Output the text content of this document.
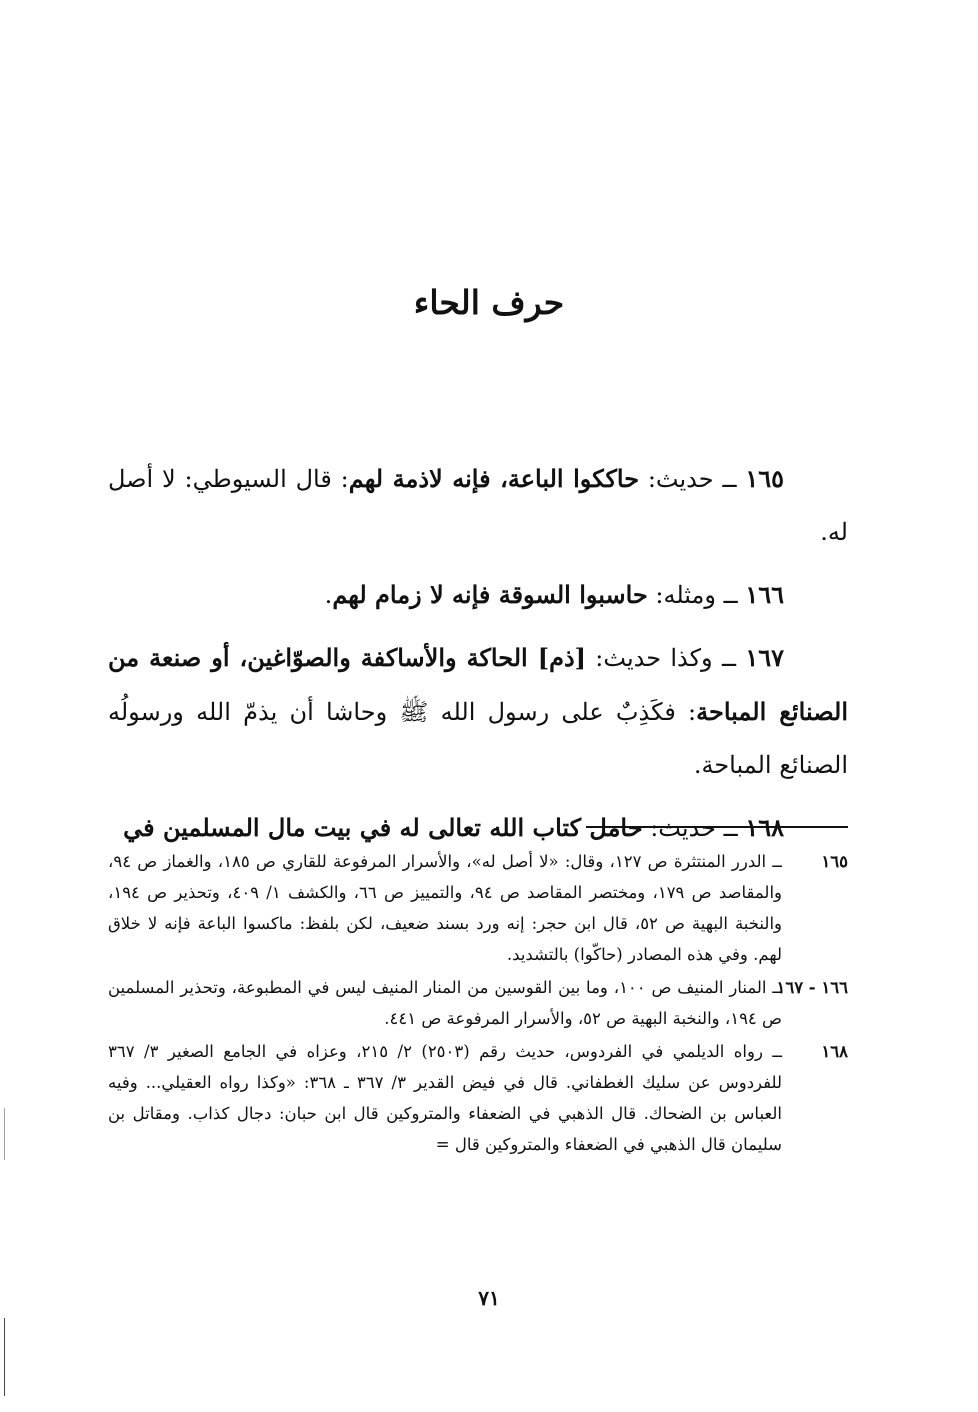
حرف الحاء

١٦٥ ــ حديث: حاككوا الباعة، فإنه لاذمة لهم: قال السيوطي: لا أصل له.

١٦٦ ــ ومثله: حاسبوا السوقة فإنه لا زمام لهم.

١٦٧ ــ وكذا حديث: [ذم] الحاكة والأساكفة والصوّاغين، أو صنعة من الصنائع المباحة: فكَذِبٌ على رسول الله ﷺ وحاشا أن يذمّ الله ورسولُه الصنائع المباحة.

١٦٨ ــ حديث: حامل كتاب الله تعالى له في بيت مال المسلمين في

١٦٥
ــ الدرر المنتثرة ص ١٢٧، وقال: «لا أصل له»، والأسرار المرفوعة للقاري ص ١٨٥، والغماز ص ٩٤، والمقاصد ص ١٧٩، ومختصر المقاصد ص ٩٤، والتمييز ص ٦٦، والكشف ١/ ٤٠٩، وتحذير ص ١٩٤، والنخبة البهية ص ٥٢، قال ابن حجر: إنه ورد بسند ضعيف، لكن بلفظ: ماكسوا الباعة فإنه لا خلاق لهم. وفي هذه المصادر (حاكّوا) بالتشديد.
١٦٦ - ١٦٧
ــ المنار المنيف ص ١٠٠، وما بين القوسين من المنار المنيف ليس في المطبوعة، وتحذير المسلمين ص ١٩٤، والنخبة البهية ص ٥٢، والأسرار المرفوعة ص ٤٤١.
١٦٨
ــ رواه الديلمي في الفردوس، حديث رقم (٢٥٠٣) ٢/ ٢١٥، وعزاه في الجامع الصغير ٣/ ٣٦٧ للفردوس عن سليك الغطفاني. قال في فيض القدير ٣/ ٣٦٧ ـ ٣٦٨: «وكذا رواه العقيلي... وفيه العباس بن الضحاك. قال الذهبي في الضعفاء والمتروكين قال ابن حبان: دجال كذاب. ومقاتل بن سليمان قال الذهبي في الضعفاء والمتروكين قال =
٧١
